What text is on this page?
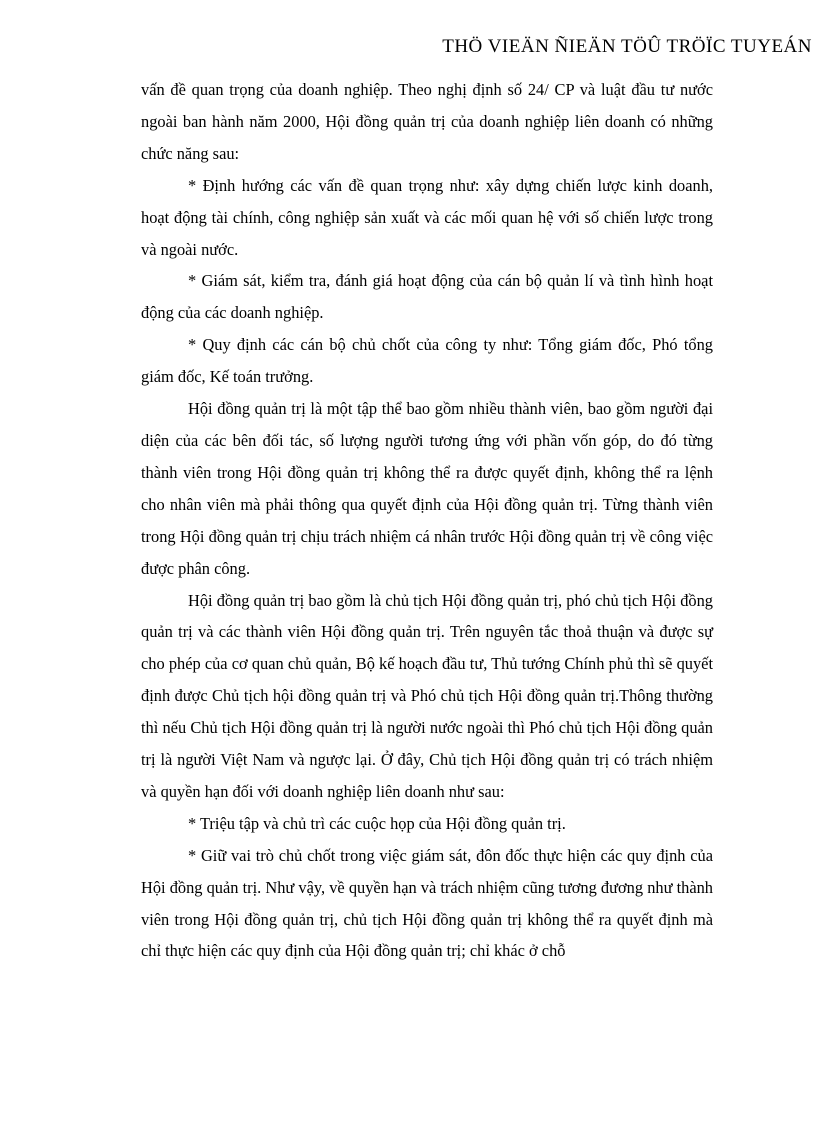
THÖ VIEÄN ÑIEÄN TÖÛ TRÖÏC TUYEÁN

vấn đề quan trọng của doanh nghiệp. Theo nghị định số 24/ CP và luật đầu tư nước ngoài ban hành năm 2000, Hội đồng quản trị của doanh nghiệp liên doanh có những chức năng sau:

* Định hướng các vấn đề quan trọng như: xây dựng chiến lược kinh doanh, hoạt động tài chính, công nghiệp sản xuất và các mối quan hệ với số chiến lược trong và ngoài nước.

* Giám sát, kiểm tra, đánh giá hoạt động của cán bộ quản lí và tình hình hoạt động của các doanh nghiệp.

* Quy định các cán bộ chủ chốt của công ty như: Tổng giám đốc, Phó tổng giám đốc, Kế toán trưởng.

Hội đồng quản trị là một tập thể bao gồm nhiều thành viên, bao gồm người đại diện của các bên đối tác, số lượng người tương ứng với phần vốn góp, do đó từng thành viên trong Hội đồng quản trị không thể ra được quyết định, không thể ra lệnh cho nhân viên mà phải thông qua quyết định của Hội đồng quản trị. Từng thành viên trong Hội đồng quản trị chịu trách nhiệm cá nhân trước Hội đồng quản trị về công việc được phân công.

Hội đồng quản trị bao gồm là chủ tịch Hội đồng quản trị, phó chủ tịch Hội đồng quản trị và các thành viên Hội đồng quản trị. Trên nguyên tắc thoả thuận và được sự cho phép của cơ quan chủ quản, Bộ kế hoạch đầu tư, Thủ tướng Chính phủ thì sẽ quyết định được Chủ tịch hội đồng quản trị và Phó chủ tịch Hội đồng quản trị.Thông thường thì nếu Chủ tịch Hội đồng quản trị là người nước ngoài thì Phó chủ tịch Hội đồng quản trị là người Việt Nam và ngược lại. Ở đây, Chủ tịch Hội đồng quản trị có trách nhiệm và quyền hạn đối với doanh nghiệp liên doanh như sau:

* Triệu tập và chủ trì các cuộc họp của Hội đồng quản trị.

* Giữ vai trò chủ chốt trong việc giám sát, đôn đốc thực hiện các quy định của Hội đồng quản trị. Như vậy, về quyền hạn và trách nhiệm cũng tương đương như thành viên trong Hội đồng quản trị, chủ tịch Hội đồng quản trị không thể ra quyết định mà chỉ thực hiện các quy định của Hội đồng quản trị; chỉ khác ở chỗ
